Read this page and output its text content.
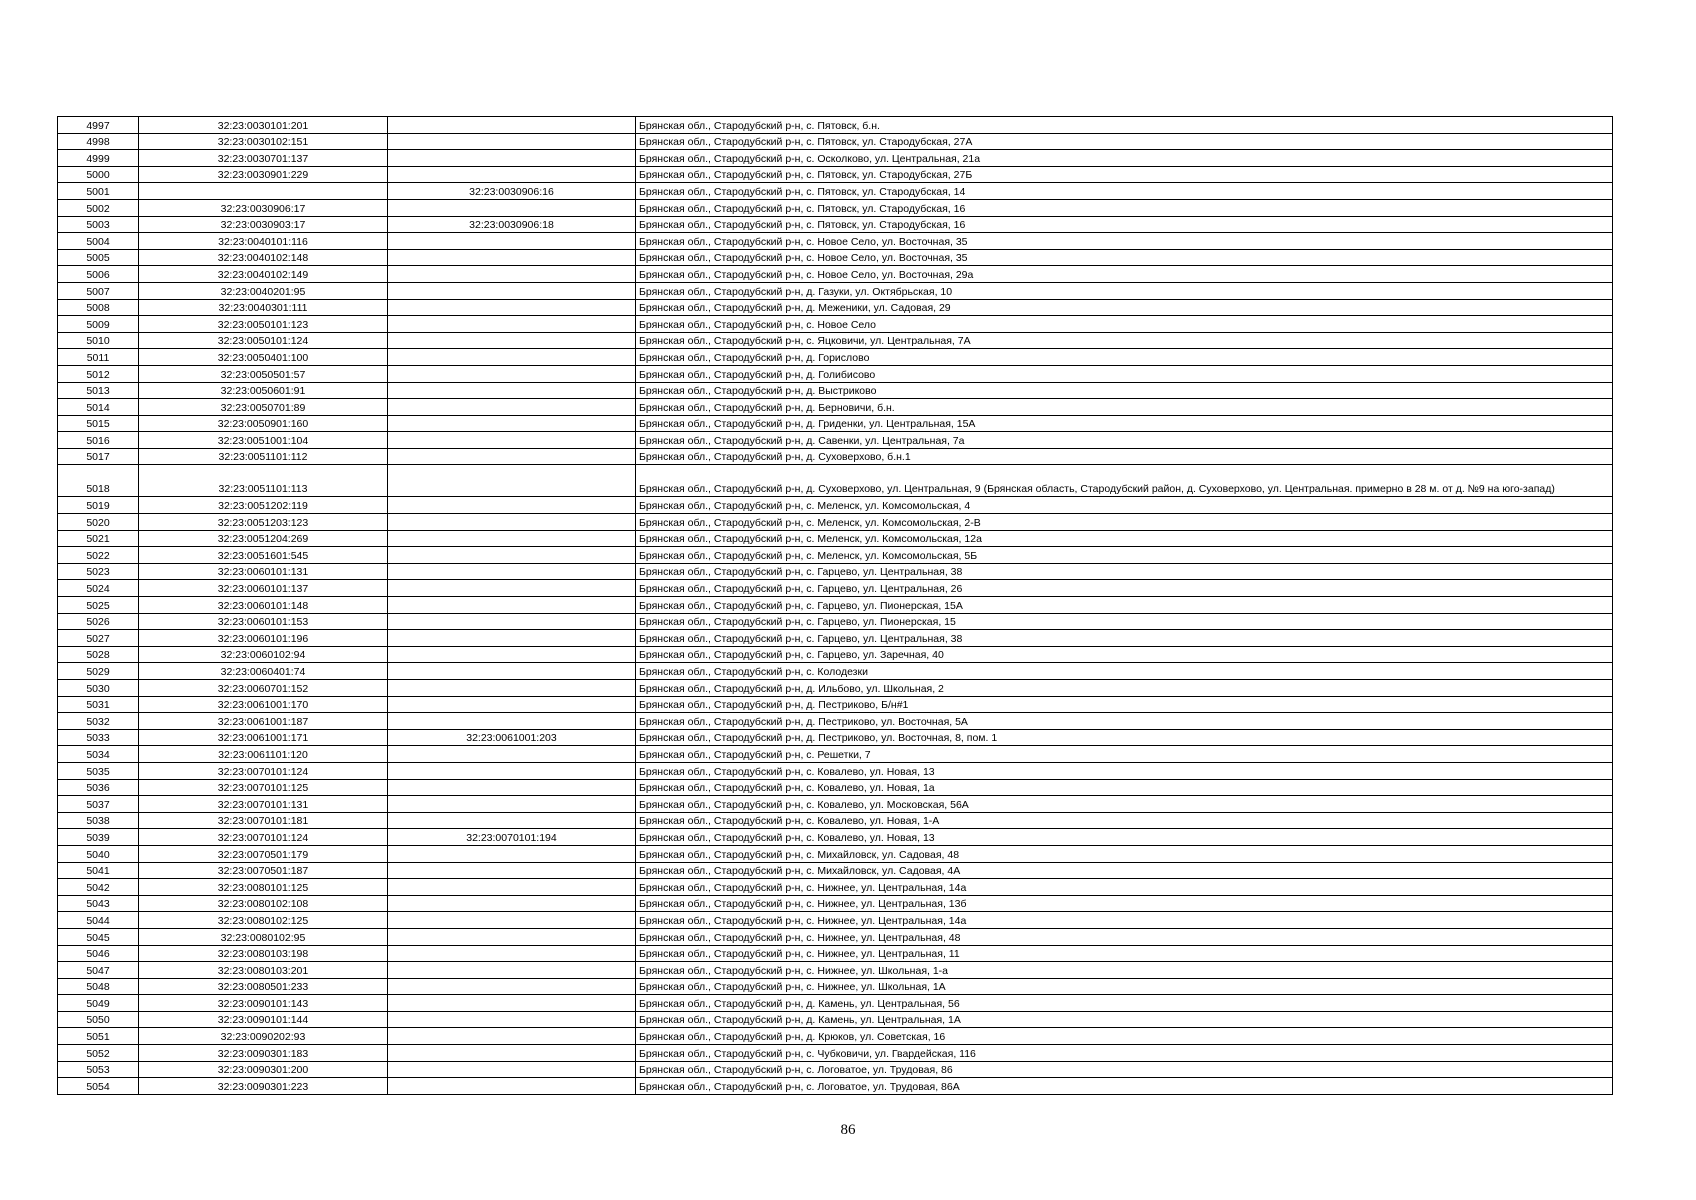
4997	32:23:0030101:201		Брянская обл., Стародубский р-н, с. Пятовск, б.н.
4998	32:23:0030102:151		Брянская обл., Стародубский р-н, с. Пятовск, ул. Стародубская, 27А
4999	32:23:0030701:137		Брянская обл., Стародубский р-н, с. Осколково, ул. Центральная, 21а
5000	32:23:0030901:229		Брянская обл., Стародубский р-н, с. Пятовск, ул. Стародубская, 27Б
5001		32:23:0030906:16	Брянская обл., Стародубский р-н, с. Пятовск, ул. Стародубская, 14
5002	32:23:0030906:17		Брянская обл., Стародубский р-н, с. Пятовск, ул. Стародубская, 16
5003	32:23:0030903:17	32:23:0030906:18	Брянская обл., Стародубский р-н, с. Пятовск, ул. Стародубская, 16
5004	32:23:0040101:116		Брянская обл., Стародубский р-н, с. Новое Село, ул. Восточная, 35
5005	32:23:0040102:148		Брянская обл., Стародубский р-н, с. Новое Село, ул. Восточная, 35
5006	32:23:0040102:149		Брянская обл., Стародубский р-н, с. Новое Село, ул. Восточная, 29а
5007	32:23:0040201:95		Брянская обл., Стародубский р-н, д. Газуки, ул. Октябрьская, 10
5008	32:23:0040301:111		Брянская обл., Стародубский р-н, д. Меженики, ул. Садовая, 29
5009	32:23:0050101:123		Брянская обл., Стародубский р-н, с. Новое Село
5010	32:23:0050101:124		Брянская обл., Стародубский р-н, с. Яцковичи, ул. Центральная, 7А
5011	32:23:0050401:100		Брянская обл., Стародубский р-н, д. Горислово
5012	32:23:0050501:57		Брянская обл., Стародубский р-н, д. Голибисово
5013	32:23:0050601:91		Брянская обл., Стародубский р-н, д. Выстриково
5014	32:23:0050701:89		Брянская обл., Стародубский р-н, д. Берновичи, б.н.
5015	32:23:0050901:160		Брянская обл., Стародубский р-н, д. Гриденки, ул. Центральная, 15А
5016	32:23:0051001:104		Брянская обл., Стародубский р-н, д. Савенки, ул. Центральная, 7а
5017	32:23:0051101:112		Брянская обл., Стародубский р-н, д. Суховерхово, б.н.1
5018	32:23:0051101:113		Брянская обл., Стародубский р-н, д. Суховерхово, ул. Центральная, 9 (Брянская область, Стародубский район, д. Суховерхово, ул. Центральная. примерно в 28 м. от д. №9 на юго-запад)
5019	32:23:0051202:119		Брянская обл., Стародубский р-н, с. Меленск, ул. Комсомольская, 4
5020	32:23:0051203:123		Брянская обл., Стародубский р-н, с. Меленск, ул. Комсомольская, 2-В
5021	32:23:0051204:269		Брянская обл., Стародубский р-н, с. Меленск, ул. Комсомольская, 12а
5022	32:23:0051601:545		Брянская обл., Стародубский р-н, с. Меленск, ул. Комсомольская, 5Б
5023	32:23:0060101:131		Брянская обл., Стародубский р-н, с. Гарцево, ул. Центральная, 38
5024	32:23:0060101:137		Брянская обл., Стародубский р-н, с. Гарцево, ул. Центральная, 26
5025	32:23:0060101:148		Брянская обл., Стародубский р-н, с. Гарцево, ул. Пионерская, 15А
5026	32:23:0060101:153		Брянская обл., Стародубский р-н, с. Гарцево, ул. Пионерская, 15
5027	32:23:0060101:196		Брянская обл., Стародубский р-н, с. Гарцево, ул. Центральная, 38
5028	32:23:0060102:94		Брянская обл., Стародубский р-н, с. Гарцево, ул. Заречная, 40
5029	32:23:0060401:74		Брянская обл., Стародубский р-н, с. Колодезки
5030	32:23:0060701:152		Брянская обл., Стародубский р-н, д. Ильбово, ул. Школьная, 2
5031	32:23:0061001:170		Брянская обл., Стародубский р-н, д. Пестриково, Б/н#1
5032	32:23:0061001:187		Брянская обл., Стародубский р-н, д. Пестриково, ул. Восточная, 5А
5033	32:23:0061001:171	32:23:0061001:203	Брянская обл., Стародубский р-н, д. Пестриково, ул. Восточная, 8, пом. 1
5034	32:23:0061101:120		Брянская обл., Стародубский р-н, с. Решетки, 7
5035	32:23:0070101:124		Брянская обл., Стародубский р-н, с. Ковалево, ул. Новая, 13
5036	32:23:0070101:125		Брянская обл., Стародубский р-н, с. Ковалево, ул. Новая, 1а
5037	32:23:0070101:131		Брянская обл., Стародубский р-н, с. Ковалево, ул. Московская, 56А
5038	32:23:0070101:181		Брянская обл., Стародубский р-н, с. Ковалево, ул. Новая, 1-А
5039	32:23:0070101:124	32:23:0070101:194	Брянская обл., Стародубский р-н, с. Ковалево, ул. Новая, 13
5040	32:23:0070501:179		Брянская обл., Стародубский р-н, с. Михайловск, ул. Садовая, 48
5041	32:23:0070501:187		Брянская обл., Стародубский р-н, с. Михайловск, ул. Садовая, 4А
5042	32:23:0080101:125		Брянская обл., Стародубский р-н, с. Нижнее, ул. Центральная, 14а
5043	32:23:0080102:108		Брянская обл., Стародубский р-н, с. Нижнее, ул. Центральная, 13б
5044	32:23:0080102:125		Брянская обл., Стародубский р-н, с. Нижнее, ул. Центральная, 14а
5045	32:23:0080102:95		Брянская обл., Стародубский р-н, с. Нижнее, ул. Центральная, 48
5046	32:23:0080103:198		Брянская обл., Стародубский р-н, с. Нижнее, ул. Центральная, 11
5047	32:23:0080103:201		Брянская обл., Стародубский р-н, с. Нижнее, ул. Школьная, 1-а
5048	32:23:0080501:233		Брянская обл., Стародубский р-н, с. Нижнее, ул. Школьная, 1А
5049	32:23:0090101:143		Брянская обл., Стародубский р-н, д. Камень, ул. Центральная, 56
5050	32:23:0090101:144		Брянская обл., Стародубский р-н, д. Камень, ул. Центральная, 1А
5051	32:23:0090202:93		Брянская обл., Стародубский р-н, д. Крюков, ул. Советская, 16
5052	32:23:0090301:183		Брянская обл., Стародубский р-н, с. Чубковичи, ул. Гвардейская, 116
5053	32:23:0090301:200		Брянская обл., Стародубский р-н, с. Логоватое, ул. Трудовая, 86
5054	32:23:0090301:223		Брянская обл., Стародубский р-н, с. Логоватое, ул. Трудовая, 86А
86
